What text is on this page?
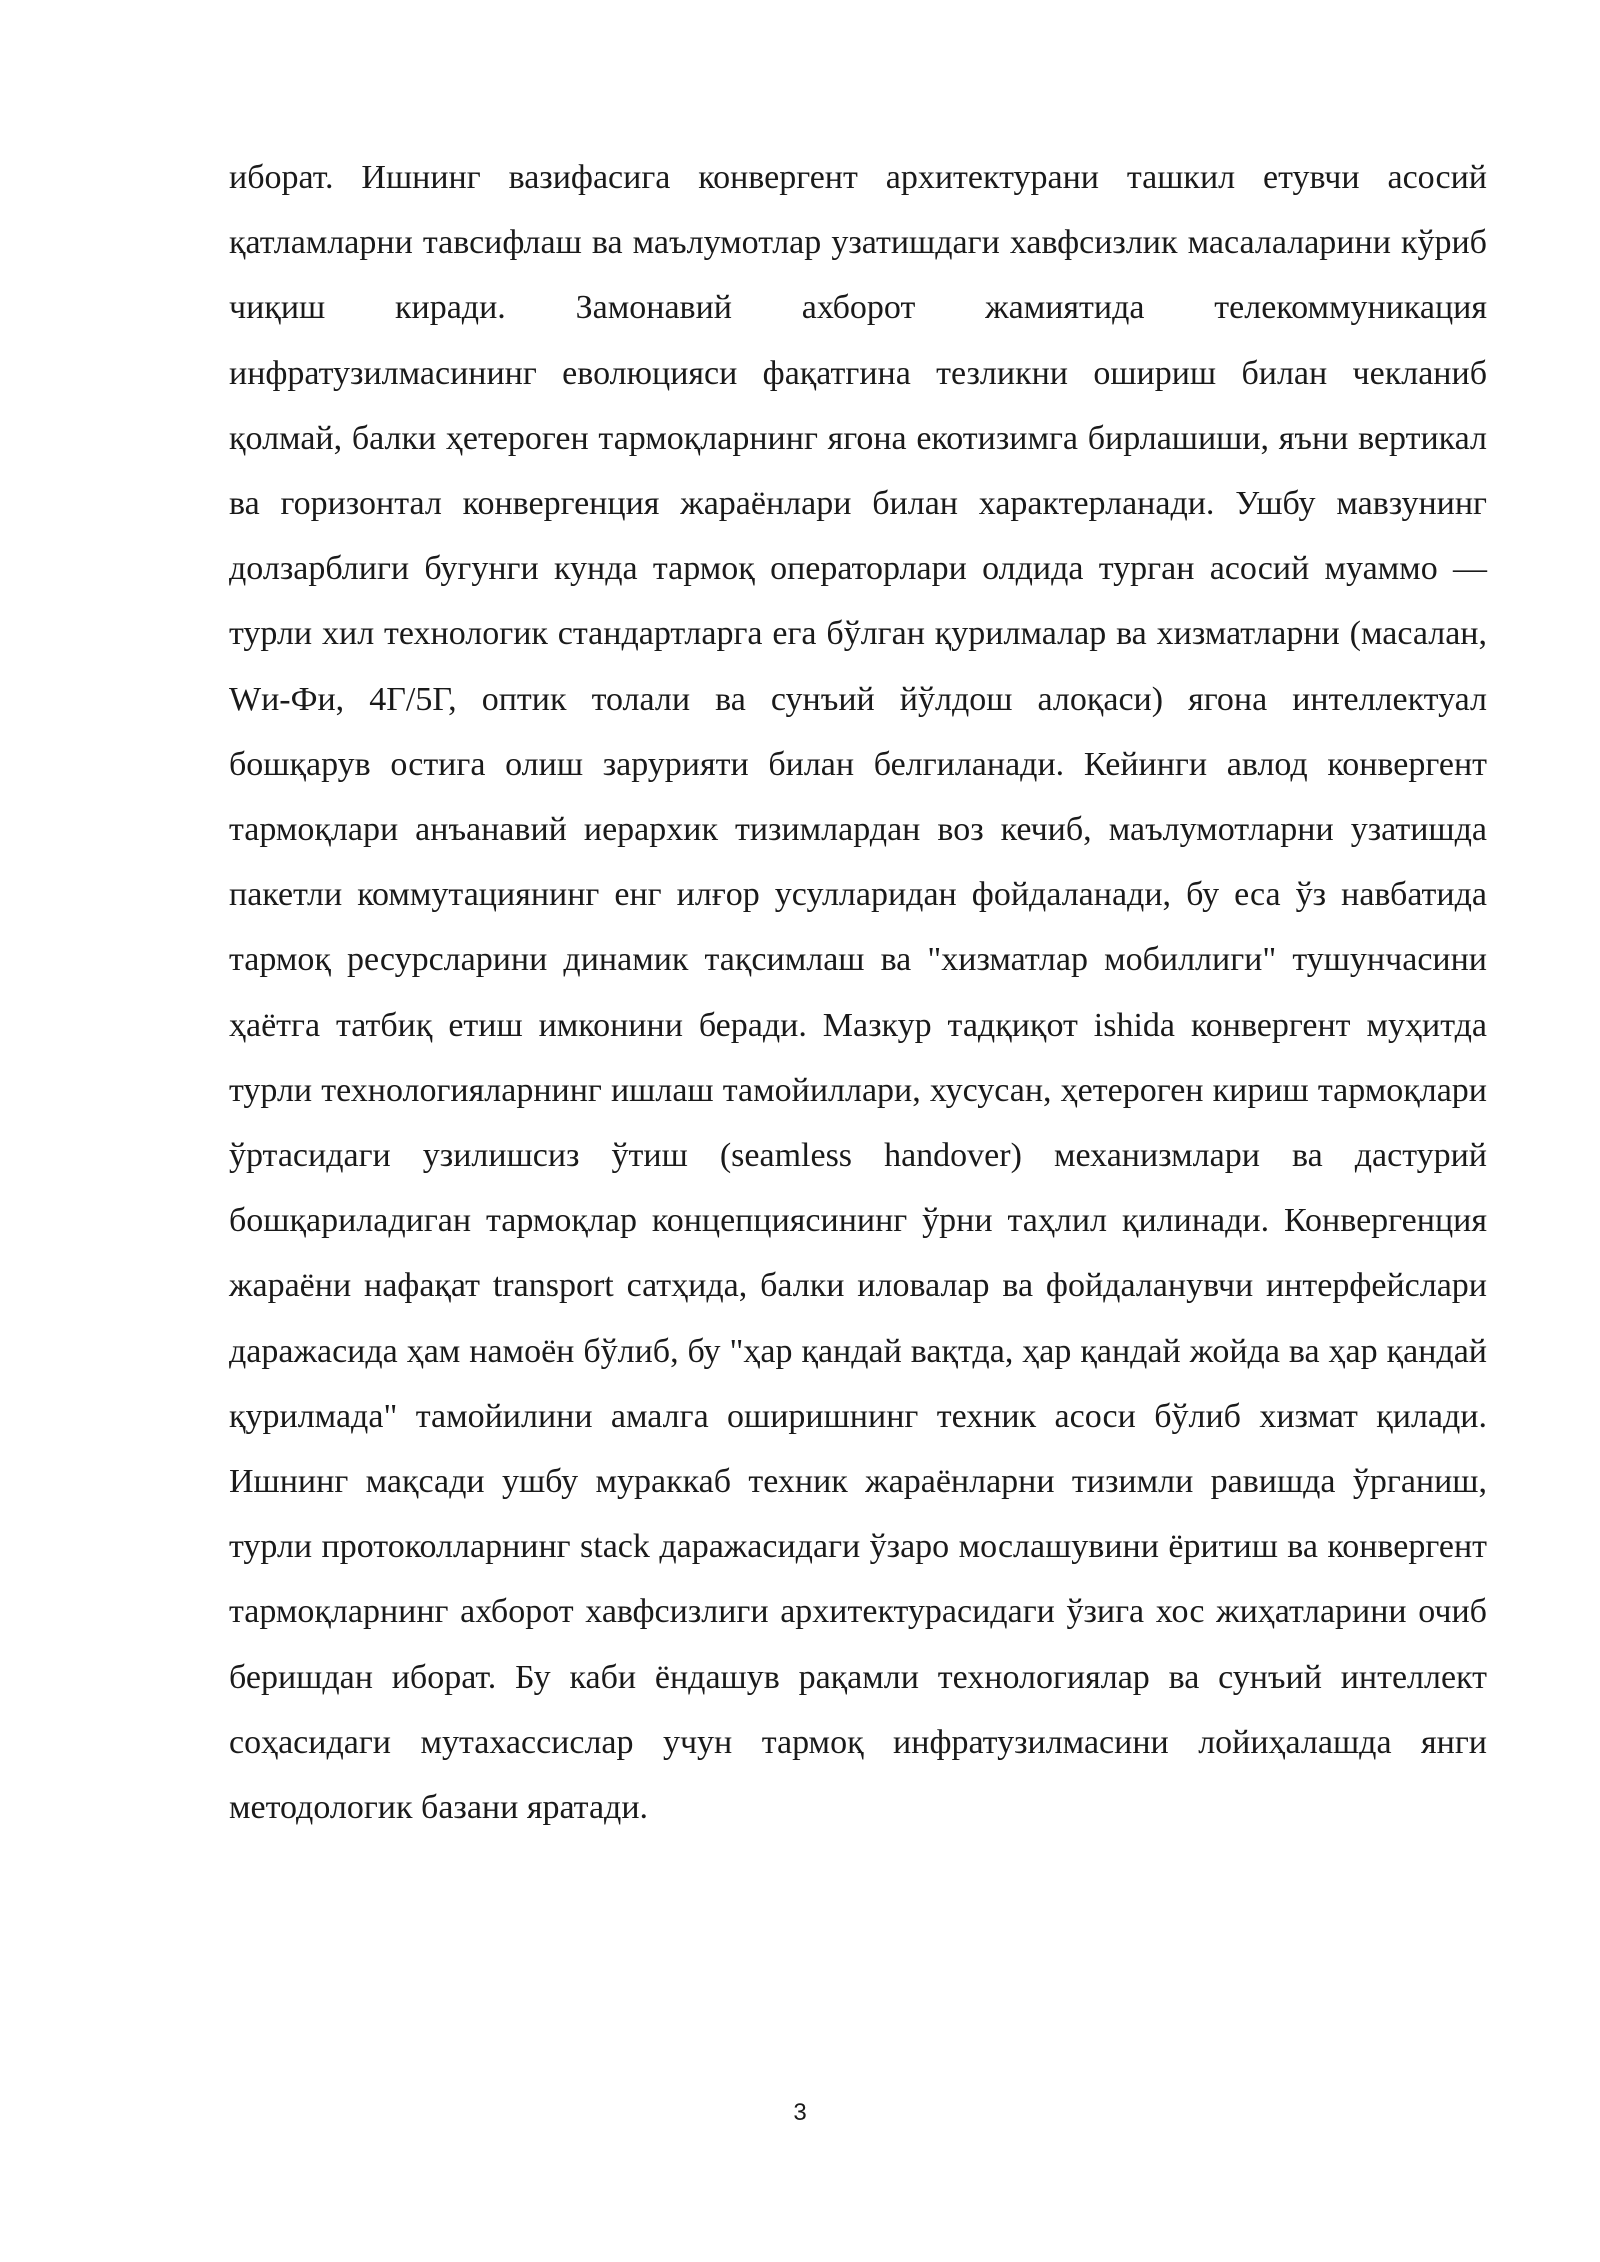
иборат. Ишнинг вазифасига конвергент архитектурани ташкил етувчи асосий қатламларни тавсифлаш ва маълумотлар узатишдаги хавфсизлик масалаларини кўриб чиқиш киради. Замонавий ахборот жамиятида телекоммуникация инфратузилмасининг еволюцияси фақатгина тезликни ошириш билан чекланиб қолмай, балки ҳетероген тармоқларнинг ягона екотизимга бирлашиши, яъни вертикал ва горизонтал конвергенция жараёнлари билан характерланади. Ушбу мавзунинг долзарблиги бугунги кунда тармоқ операторлари олдида турган асосий муаммо — турли хил технологик стандартларга ега бўлган қурилмалар ва хизматларни (масалан, Wи-Фи, 4Г/5Г, оптик толали ва сунъий йўлдош алоқаси) ягона интеллектуал бошқарув остига олиш зарурияти билан белгиланади. Кейинги авлод конвергент тармоқлари анъанавий иерархик тизимлардан воз кечиб, маълумотларни узатишда пакетли коммутациянинг енг илғор усулларидан фойдаланади, бу еса ўз навбатида тармоқ ресурсларини динамик тақсимлаш ва "хизматлар мобиллиги" тушунчасини ҳаётга татбиқ етиш имконини беради. Мазкур тадқиқот ishida конвергент муҳитда турли технологияларнинг ишлаш тамойиллари, хусусан, ҳетероген кириш тармоқлари ўртасидаги узилишсиз ўтиш (seamless handover) механизмлари ва дастурий бошқариладиган тармоқлар концепциясининг ўрни таҳлил қилинади. Конвергенция жараёни нафақат transport сатҳида, балки иловалар ва фойдаланувчи интерфейслари даражасида ҳам намоён бўлиб, бу "ҳар қандай вақтда, ҳар қандай жойда ва ҳар қандай қурилмада" тамойилини амалга оширишнинг техник асоси бўлиб хизмат қилади. Ишнинг мақсади ушбу мураккаб техник жараёнларни тизимли равишда ўрганиш, турли протоколларнинг stack даражасидаги ўзаро мослашувини ёритиш ва конвергент тармоқларнинг ахборот хавфсизлиги архитектурасидаги ўзига хос жиҳатларини очиб беришдан иборат. Бу каби ёндашув рақамли технологиялар ва сунъий интеллект соҳасидаги мутахассислар учун тармоқ инфратузилмасини лойиҳалашда янги методологик базани яратади.

3
